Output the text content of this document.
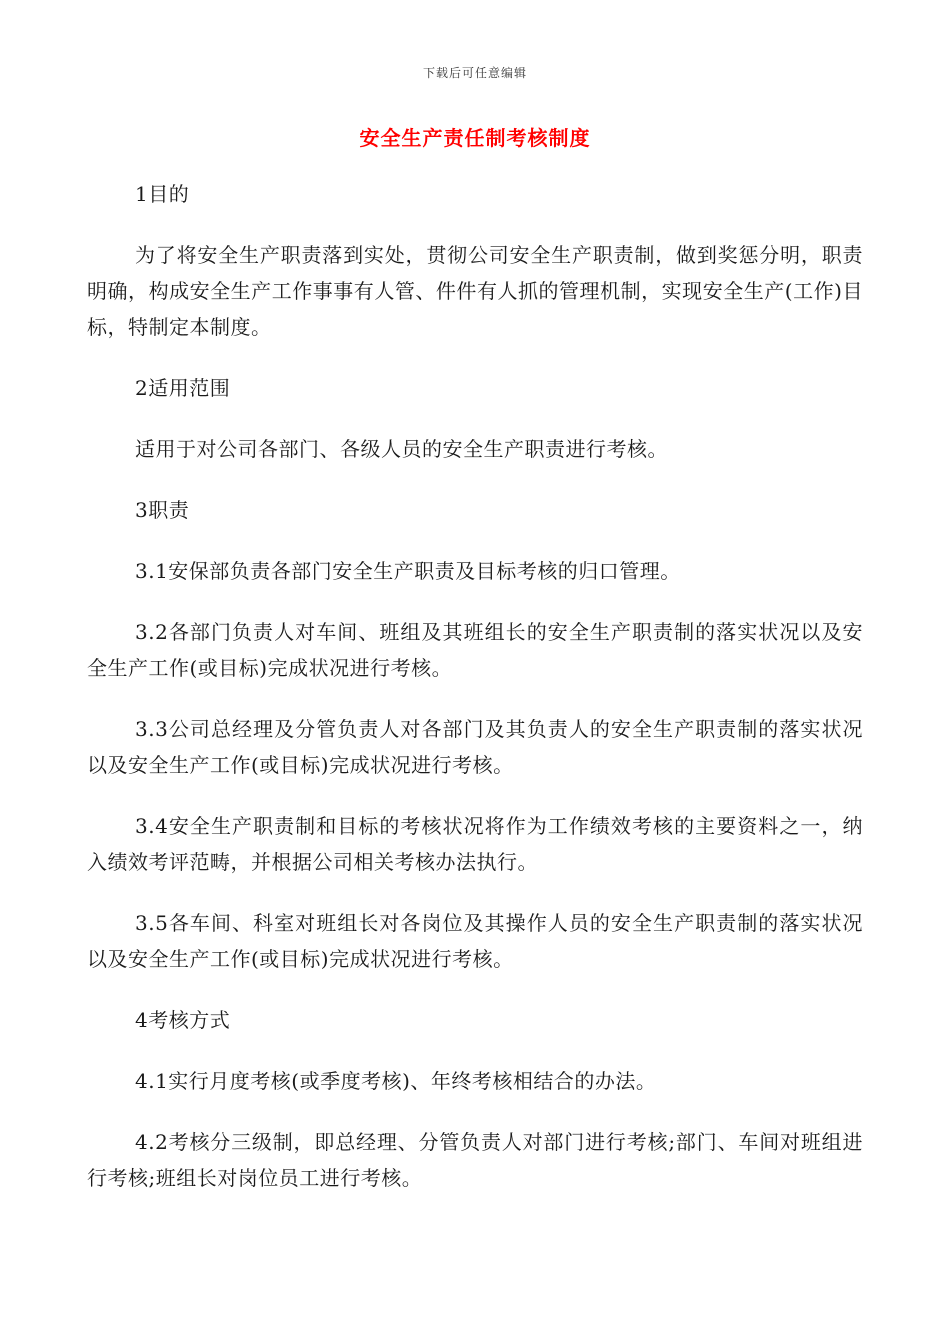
下载后可任意编辑
安全生产责任制考核制度

1目的

为了将安全生产职责落到实处，贯彻公司安全生产职责制，做到奖惩分明，职责明确，构成安全生产工作事事有人管、件件有人抓的管理机制，实现安全生产(工作)目标，特制定本制度。

2适用范围

适用于对公司各部门、各级人员的安全生产职责进行考核。

3职责

3.1安保部负责各部门安全生产职责及目标考核的归口管理。

3.2各部门负责人对车间、班组及其班组长的安全生产职责制的落实状况以及安全生产工作(或目标)完成状况进行考核。

3.3公司总经理及分管负责人对各部门及其负责人的安全生产职责制的落实状况以及安全生产工作(或目标)完成状况进行考核。

3.4安全生产职责制和目标的考核状况将作为工作绩效考核的主要资料之一，纳入绩效考评范畴，并根据公司相关考核办法执行。

3.5各车间、科室对班组长对各岗位及其操作人员的安全生产职责制的落实状况以及安全生产工作(或目标)完成状况进行考核。

4考核方式

4.1实行月度考核(或季度考核)、年终考核相结合的办法。

4.2考核分三级制，即总经理、分管负责人对部门进行考核;部门、车间对班组进行考核;班组长对岗位员工进行考核。
